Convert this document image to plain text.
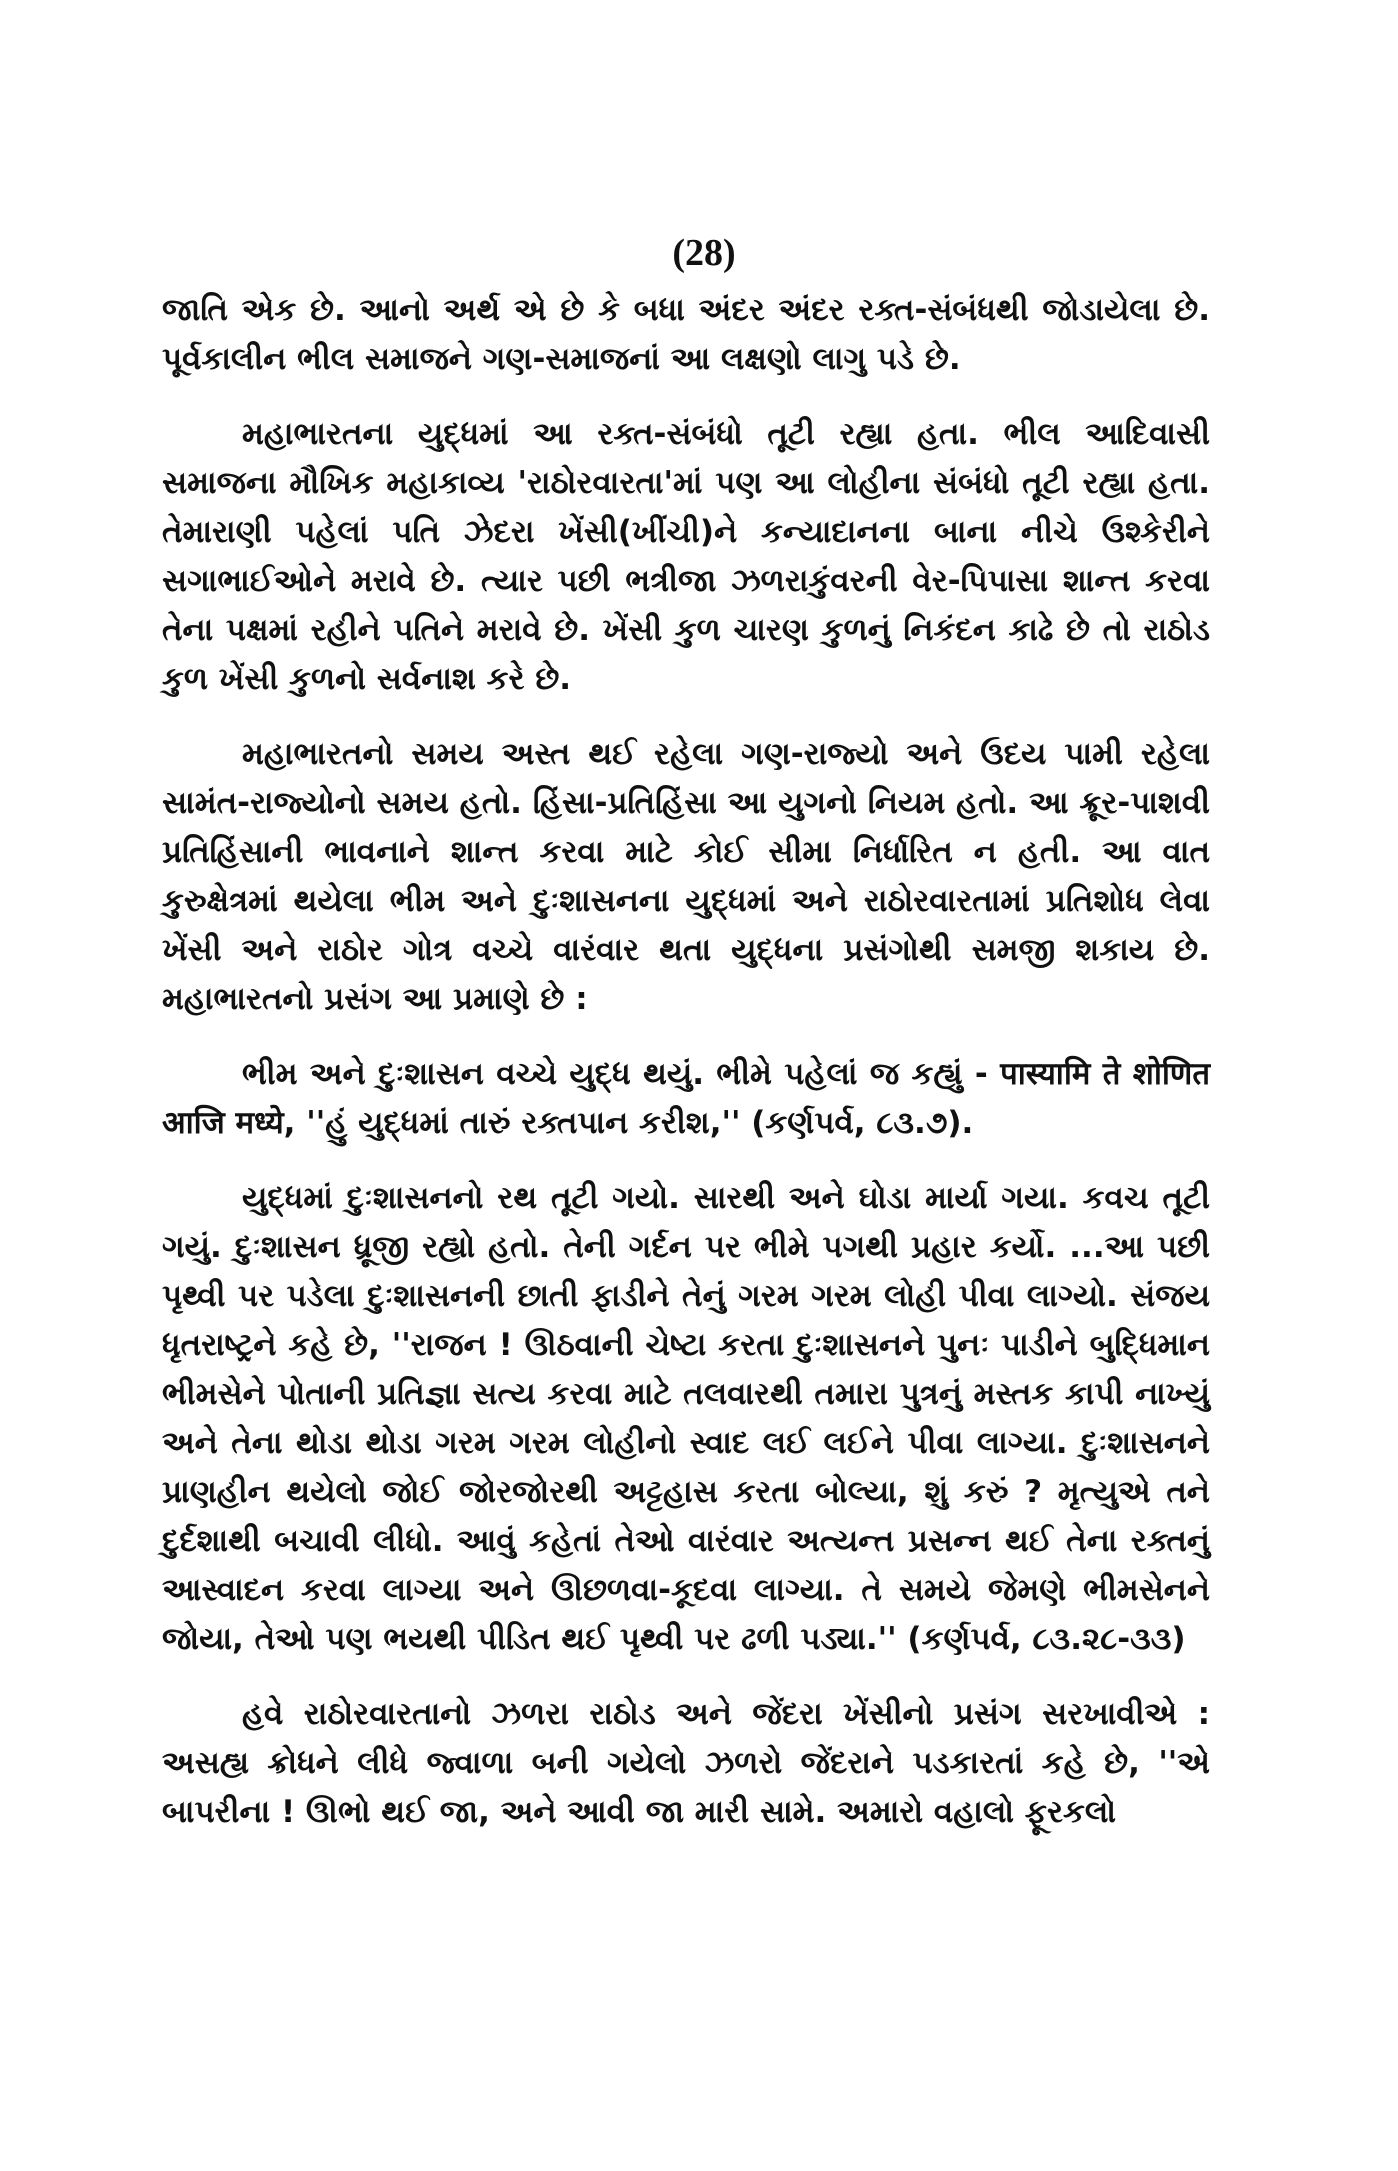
(28)

જાતિ એક છે. આનો અર્થ એ છે કે બધા અંદર અંદર રક્ત-સંબંધથી જોડાયેલા છે. પૂર્વકાલીન ભીલ સમાજને ગણ-સમાજનાં આ લક્ષણો લાગુ પડે છે.

મહાભારતના યુદ્ધમાં આ રક્ત-સંબંધો તૂટી રહ્યા હતા. ભીલ આદિવાસી સમાજના મૌખિક મહાકાવ્ય 'રાઠોરવારતા'માં પણ આ લોહીના સંબંધો તૂટી રહ્યા હતા. તેમારાણી પહેલાં પતિ ઝેદરા ખેંસી(ખીંચી)ને કન્યાદાનના બાના નીચે ઉશ્કેરીને સગાભાઈઓને મરાવે છે. ત્યાર પછી ભત્રીજા ઝળરાકુંવરની વેર-પિપાસા શાન્ત કરવા તેના પક્ષમાં રહીને પતિને મરાવે છે. ખેંસી કુળ ચારણ કુળનું નિકંદન કાઢે છે તો રાઠોડ કુળ ખેંસી કુળનો સર્વનાશ કરે છે.

મહાભારતનો સમય અસ્ત થઈ રહેલા ગણ-રાજ્યો અને ઉદય પામી રહેલા સામંત-રાજ્યોનો સમય હતો. હિંસા-પ્રતિહિંસા આ યુગનો નિયમ હતો. આ ક્રૂર-પાશવી પ્રતિહિંસાની ભાવનાને શાન્ત કરવા માટે કોઈ સીમા નિર્ધારિત ન હતી. આ વાત કુરુક્ષેત્રમાં થયેલા ભીમ અને દુઃશાસનના યુદ્ધમાં અને રાઠોરવારતામાં પ્રતિશોધ લેવા ખેંસી અને રાઠોર ગોત્ર વચ્ચે વારંવાર થતા યુદ્ધના પ્રસંગોથી સમજી શકાય છે. મહાભારતનો પ્રસંગ આ પ્રમાણે છે :

ભીમ અને દુઃશાસન વચ્ચે યુદ્ધ થયું. ભીમે પહેલાં જ કહ્યું - पास्यामि ते शोणित आजि मध्ये, ''હું યુદ્ધમાં તારું રક્તપાન કરીશ,'' (કર્ણપર્વ, ૮૩.૭).

યુદ્ધમાં દુઃશાસનનો રથ તૂટી ગયો. સારથી અને ઘોડા માર્યા ગયા. કવચ તૂટી ગયું. દુઃશાસન ધ્રૂજી રહ્યો હતો. તેની ગર્દન પર ભીમે પગથી પ્રહાર કર્યો. ...આ પછી પૃથ્વી પર પડેલા દુઃશાસનની છાતી ફાડીને તેનું ગરમ ગરમ લોહી પીવા લાગ્યો. સંજય ધૃતરાષ્ટ્રને કહે છે, ''રાજન ! ઊઠવાની ચેષ્ટા કરતા દુઃશાસનને પુનઃ પાડીને બુદ્ધિમાન ભીમસેને પોતાની પ્રતિજ્ઞા સત્ય કરવા માટે તલવારથી તમારા પુત્રનું મસ્તક કાપી નાખ્યું અને તેના થોડા થોડા ગરમ ગરમ લોહીનો સ્વાદ લઈ લઈને પીવા લાગ્યા. દુઃશાસનને પ્રાણહીન થયેલો જોઈ જોરજોરથી અટ્ટહાસ કરતા બોલ્યા, શું કરું ? મૃત્યુએ તને દુર્દશાથી બચાવી લીધો. આવું કહેતાં તેઓ વારંવાર અત્યન્ત પ્રસન્ન થઈ તેના રક્તનું આસ્વાદન કરવા લાગ્યા અને ઊછળવા-કૂદવા લાગ્યા. તે સમયે જેમણે ભીમસેનને જોયા, તેઓ પણ ભયથી પીડિત થઈ પૃથ્વી પર ઢળી પડ્યા.'' (કર્ણપર્વ, ૮૩.૨૮-૩૩)

હવે રાઠોરવારતાનો ઝળરા રાઠોડ અને જેંદરા ખેંસીનો પ્રસંગ સરખાવીએ : અસહ્ય ક્રોધને લીધે જ્વાળા બની ગયેલો ઝળરો જેંદરાને પડકારતાં કહે છે, ''એ બાપરીના ! ઊભો થઈ જા, અને આવી જા મારી સામે. અમારો વહાલો ફૂરકલો
